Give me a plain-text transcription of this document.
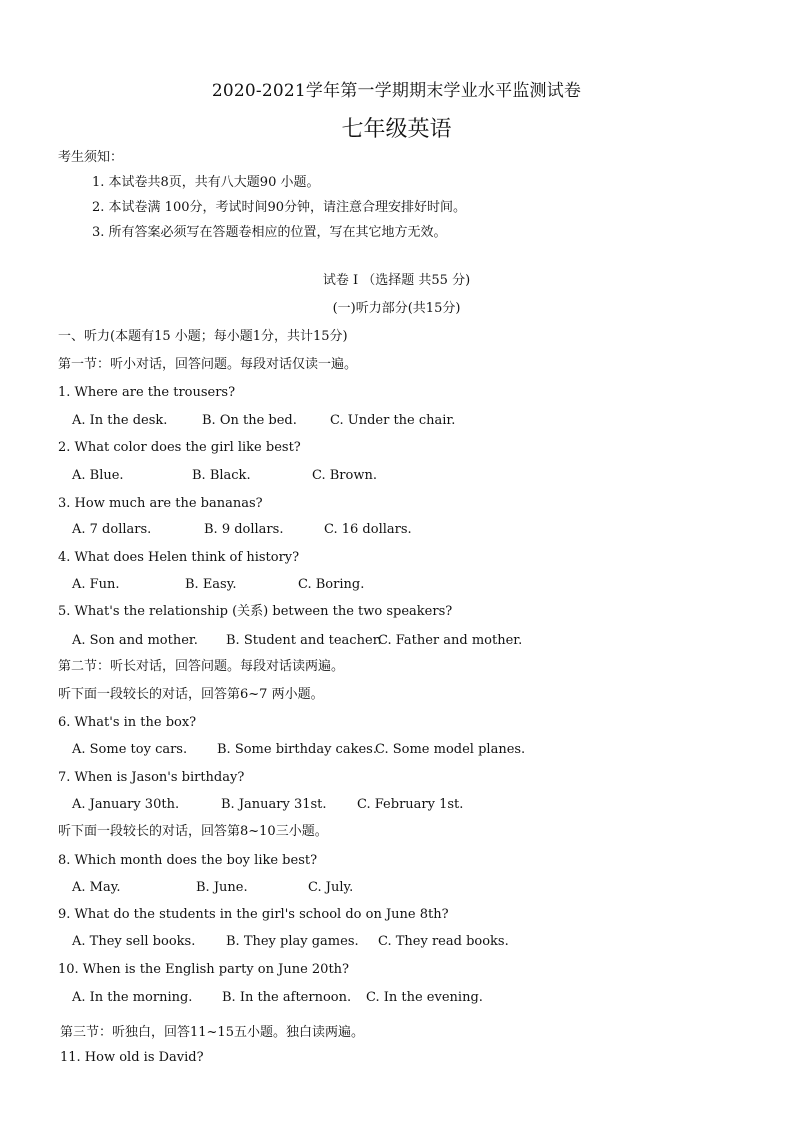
2020-2021学年第一学期期末学业水平监测试卷
七年级英语
考生须知：
1. 本试卷共8页，共有八大题90 小题。
2. 本试卷满 100分，考试时间90分钟，请注意合理安排好时间。
3. 所有答案必须写在答题卷相应的位置，写在其它地方无效。
试卷 I （选择题 共55 分)
(一)听力部分(共15分)
一、听力(本题有15 小题；每小题1分，共计15分)
第一节：听小对话，回答问题。每段对话仅读一遍。
1. Where are the trousers?
A. In the desk.	B. On the bed.	C. Under the chair.
2. What color does the girl like best?
A. Blue.	B. Black.	C. Brown.
3. How much are the bananas?
A. 7 dollars.	B. 9 dollars.	C. 16 dollars.
4. What does Helen think of history?
A. Fun.	B. Easy.	C. Boring.
5. What's the relationship (关系) between the two speakers?
A. Son and mother. B. Student and teacher.
C. Father and mother.
第二节：听长对话，回答问题。每段对话读两遍。
听下面一段较长的对话，回答第6~7 两小题。
6. What's in the box?
A. Some toy cars. B. Some birthday cakes.
C. Some model planes.
7. When is Jason's birthday?
A. January 30th.	B. January 31st. C. February 1st.
听下面一段较长的对话，回答第8~10三小题。
8. Which month does the boy like best?
A. May.	B. June.	C. July.
9. What do the students in the girl's school do on June 8th?
A. They sell books. B. They play games. C. They read books.
10. When is the English party on June 20th?
A. In the morning. B. In the afternoon. C. In the evening.
第三节：听独白，回答11~15五小题。独白读两遍。
11. How old is David?
